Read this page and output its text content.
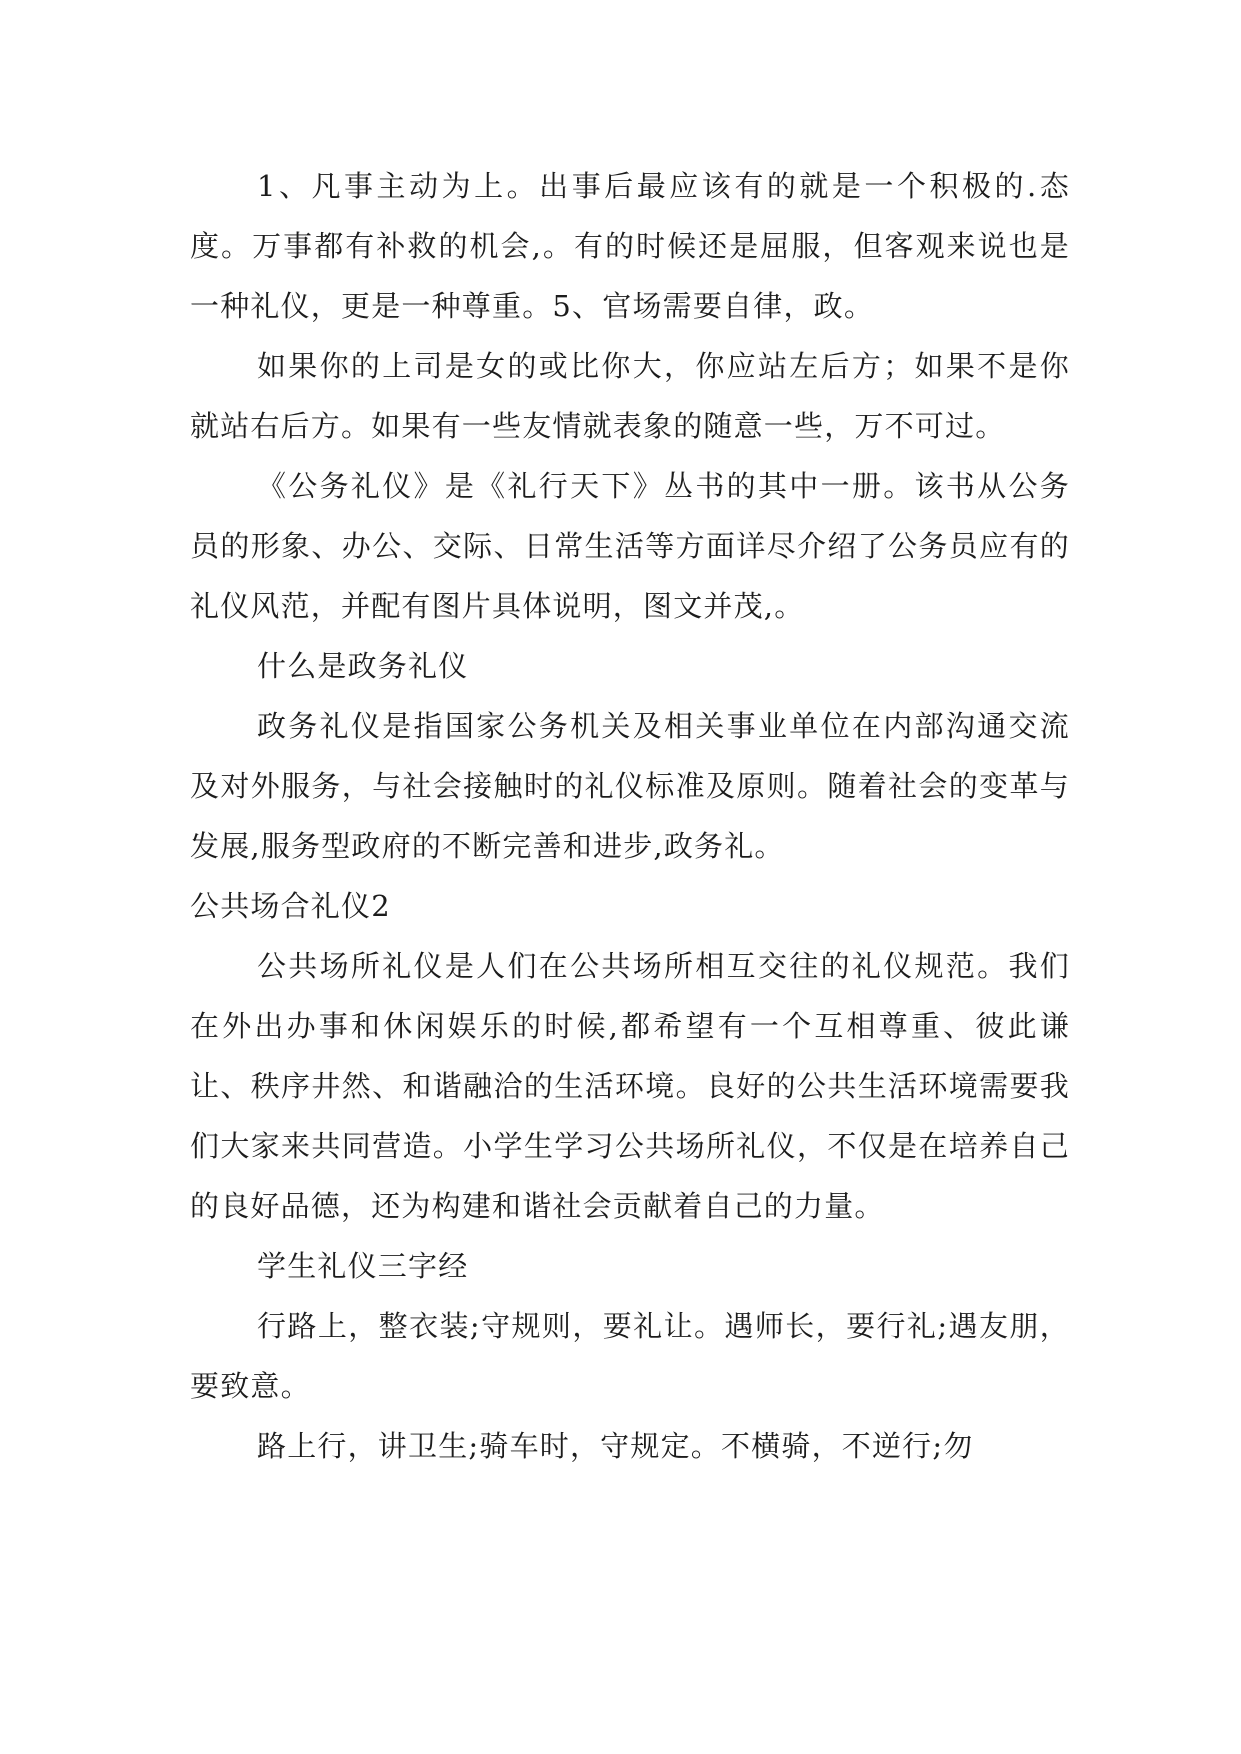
1、凡事主动为上。出事后最应该有的就是一个积极的.态度。万事都有补救的机会,。有的时候还是屈服，但客观来说也是一种礼仪，更是一种尊重。5、官场需要自律，政。

如果你的上司是女的或比你大，你应站左后方；如果不是你就站右后方。如果有一些友情就表象的随意一些，万不可过。

《公务礼仪》是《礼行天下》丛书的其中一册。该书从公务员的形象、办公、交际、日常生活等方面详尽介绍了公务员应有的礼仪风范，并配有图片具体说明，图文并茂,。

什么是政务礼仪

政务礼仪是指国家公务机关及相关事业单位在内部沟通交流及对外服务，与社会接触时的礼仪标准及原则。随着社会的变革与发展,服务型政府的不断完善和进步,政务礼。

公共场合礼仪2

公共场所礼仪是人们在公共场所相互交往的礼仪规范。我们在外出办事和休闲娱乐的时候,都希望有一个互相尊重、彼此谦让、秩序井然、和谐融洽的生活环境。良好的公共生活环境需要我们大家来共同营造。小学生学习公共场所礼仪，不仅是在培养自己的良好品德，还为构建和谐社会贡献着自己的力量。

学生礼仪三字经

行路上，整衣装;守规则，要礼让。遇师长，要行礼;遇友朋，要致意。

路上行，讲卫生;骑车时，守规定。不横骑，不逆行;勿
